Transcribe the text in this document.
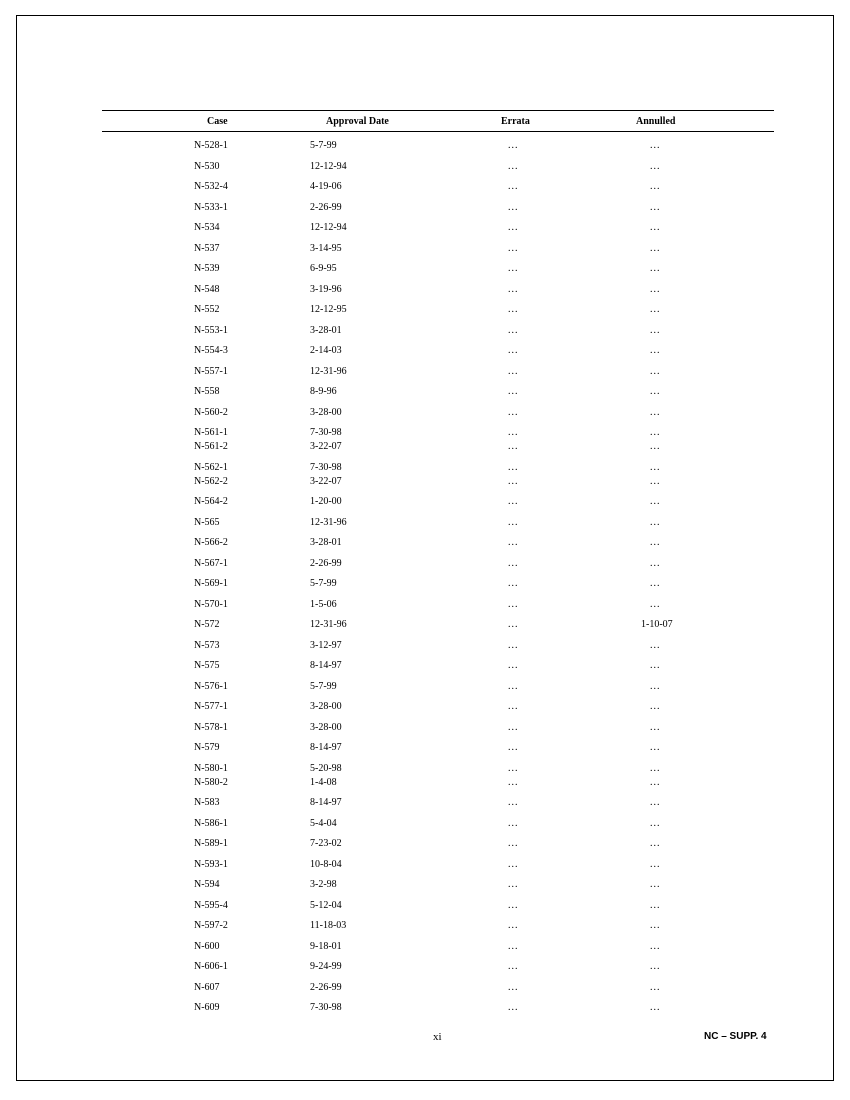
Case	Approval Date	Errata	Annulled
N-528-1	5-7-99	...	...
N-530	12-12-94	...	...
N-532-4	4-19-06	...	...
N-533-1	2-26-99	...	...
N-534	12-12-94	...	...
N-537	3-14-95	...	...
N-539	6-9-95	...	...
N-548	3-19-96	...	...
N-552	12-12-95	...	...
N-553-1	3-28-01	...	...
N-554-3	2-14-03	...	...
N-557-1	12-31-96	...	...
N-558	8-9-96	...	...
N-560-2	3-28-00	...	...
N-561-1	7-30-98	...	...
N-561-2	3-22-07	...	...
N-562-1	7-30-98	...	...
N-562-2	3-22-07	...	...
N-564-2	1-20-00	...	...
N-565	12-31-96	...	...
N-566-2	3-28-01	...	...
N-567-1	2-26-99	...	...
N-569-1	5-7-99	...	...
N-570-1	1-5-06	...	...
N-572	12-31-96	...	1-10-07
N-573	3-12-97	...	...
N-575	8-14-97	...	...
N-576-1	5-7-99	...	...
N-577-1	3-28-00	...	...
N-578-1	3-28-00	...	...
N-579	8-14-97	...	...
N-580-1	5-20-98	...	...
N-580-2	1-4-08	...	...
N-583	8-14-97	...	...
N-586-1	5-4-04	...	...
N-589-1	7-23-02	...	...
N-593-1	10-8-04	...	...
N-594	3-2-98	...	...
N-595-4	5-12-04	...	...
N-597-2	11-18-03	...	...
N-600	9-18-01	...	...
N-606-1	9-24-99	...	...
N-607	2-26-99	...	...
N-609	7-30-98	...	...
xi	NC – SUPP. 4
